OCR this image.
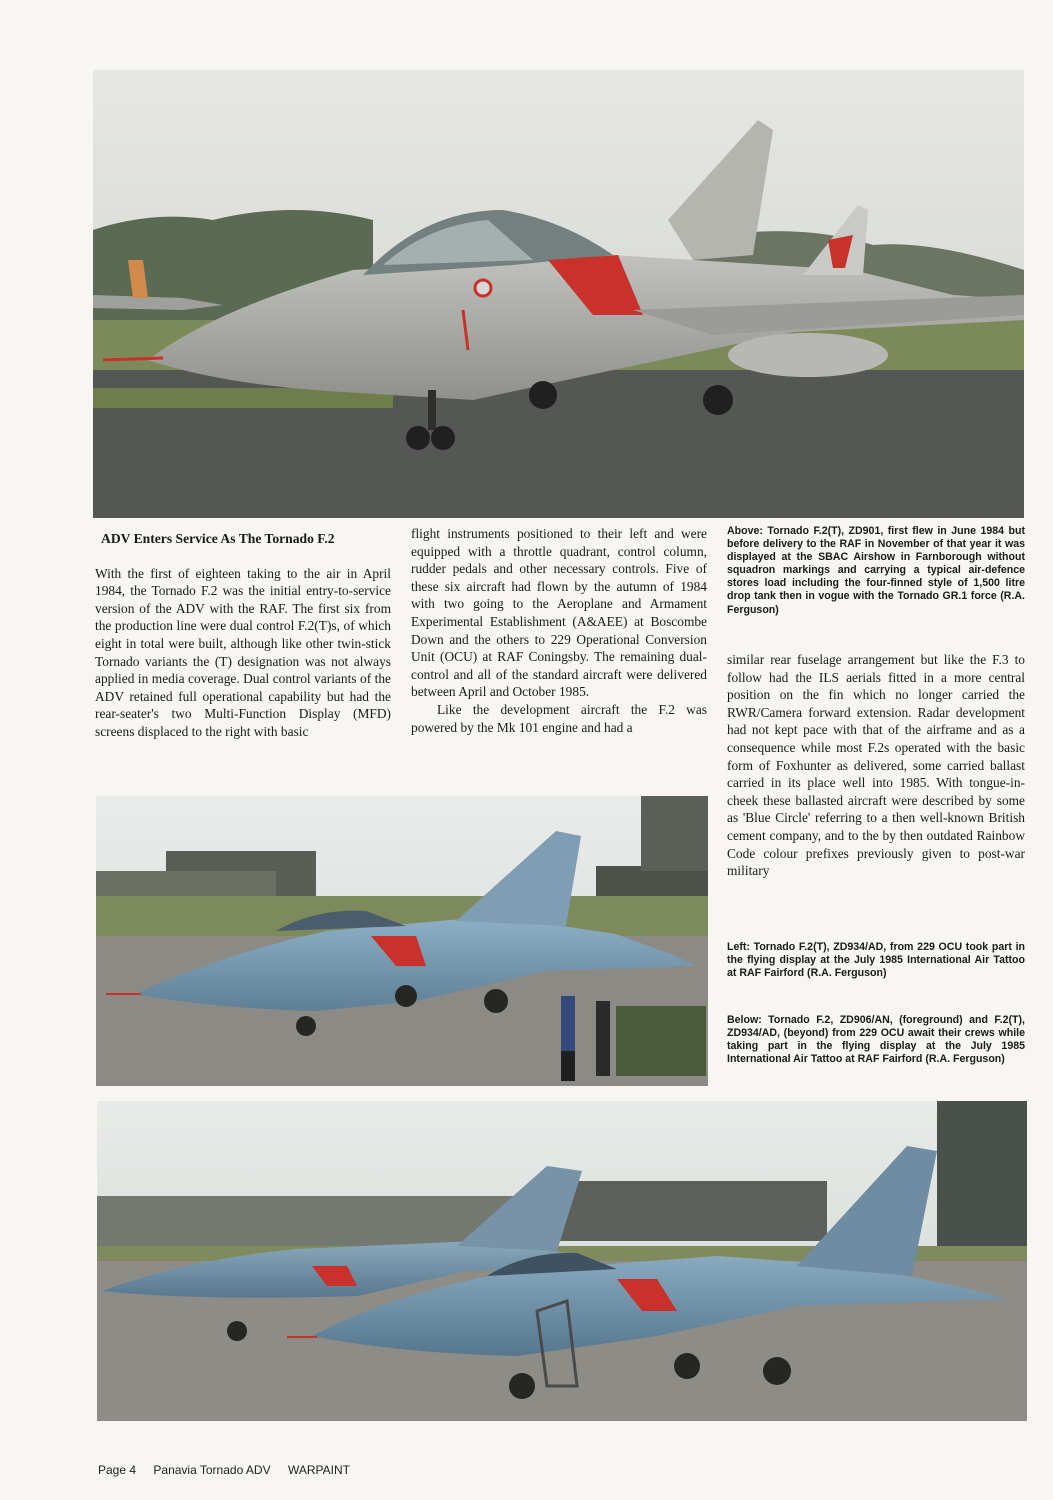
ADV Enters Service As The Tornado F.2

With the first of eighteen taking to the air in April 1984, the Tornado F.2 was the initial entry-to-service version of the ADV with the RAF. The first six from the production line were dual control F.2(T)s, of which eight in total were built, although like other twin-stick Tornado variants the (T) designation was not always applied in media coverage. Dual control variants of the ADV retained full operational capability but had the rear-seater's two Multi-Function Display (MFD) screens displaced to the right with basic

flight instruments positioned to their left and were equipped with a throttle quadrant, control column, rudder pedals and other necessary controls. Five of these six aircraft had flown by the autumn of 1984 with two going to the Aeroplane and Armament Experimental Establishment (A&AEE) at Boscombe Down and the others to 229 Operational Conversion Unit (OCU) at RAF Coningsby. The remaining dual-control and all of the standard aircraft were delivered between April and October 1985.

Like the development aircraft the F.2 was powered by the Mk 101 engine and had a

Above: Tornado F.2(T), ZD901, first flew in June 1984 but before delivery to the RAF in November of that year it was displayed at the SBAC Airshow in Farnborough without squadron markings and carrying a typical air-defence stores load including the four-finned style of 1,500 litre drop tank then in vogue with the Tornado GR.1 force (R.A. Ferguson)

similar rear fuselage arrangement but like the F.3 to follow had the ILS aerials fitted in a more central position on the fin which no longer carried the RWR/Camera forward extension. Radar development had not kept pace with that of the airframe and as a consequence while most F.2s operated with the basic form of Foxhunter as delivered, some carried ballast carried in its place well into 1985. With tongue-in-cheek these ballasted aircraft were described by some as 'Blue Circle' referring to a then well-known British cement company, and to the by then outdated Rainbow Code colour prefixes previously given to post-war military

Left: Tornado F.2(T), ZD934/AD, from 229 OCU took part in the flying display at the July 1985 International Air Tattoo at RAF Fairford (R.A. Ferguson)
Below: Tornado F.2, ZD906/AN, (foreground) and F.2(T), ZD934/AD, (beyond) from 229 OCU await their crews while taking part in the flying display at the July 1985 International Air Tattoo at RAF Fairford (R.A. Ferguson)
Page 4 Panavia Tornado ADV WARPAINT
